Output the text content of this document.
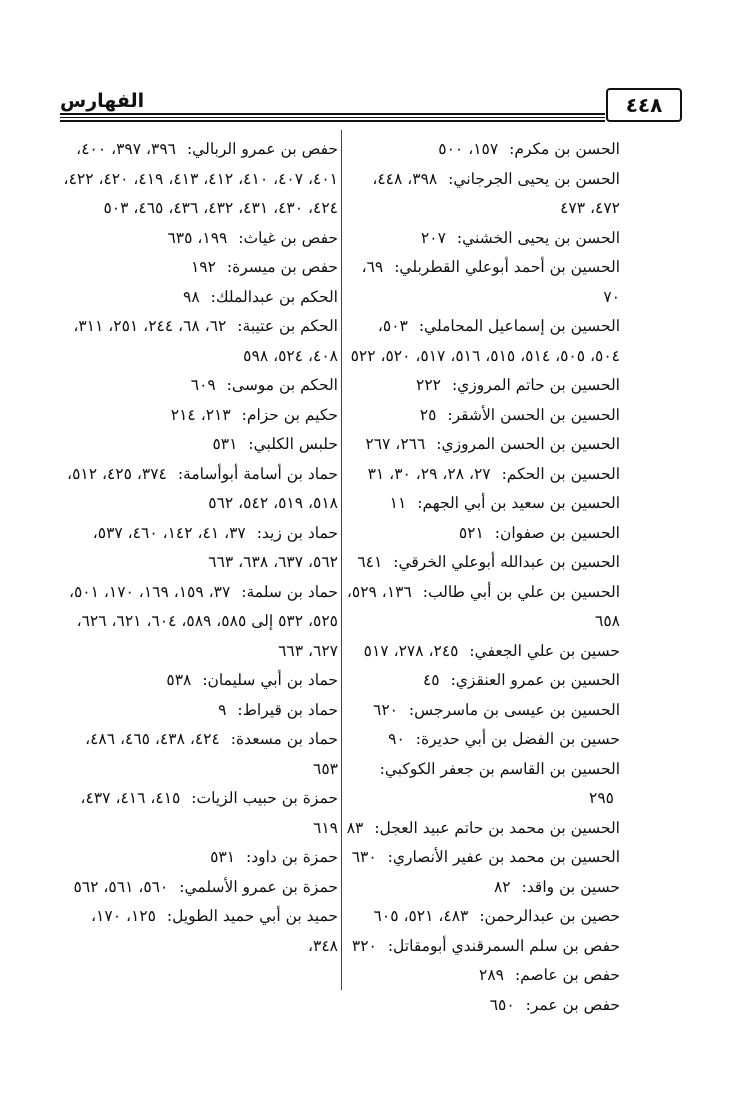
الفهارس	٤٤٨
الحسن بن مكرم: ١٥٧، ٥٠٠
الحسن بن يحيى الجرجاني: ٣٩٨، ٤٤٨، ٤٧٢، ٤٧٣
الحسن بن يحيى الخشني: ٢٠٧
الحسين بن أحمد أبوعلي القطربلي: ٦٩، ٧٠
الحسين بن إسماعيل المحاملي: ٥٠٣، ٥٠٤، ٥٠٥، ٥١٤، ٥١٥، ٥١٦، ٥١٧، ٥٢٠، ٥٢٢
الحسين بن حاتم المروزي: ٢٢٢
الحسين بن الحسن الأشقر: ٢٥
الحسين بن الحسن المروزي: ٢٦٦، ٢٦٧
الحسين بن الحكم: ٢٧، ٢٨، ٢٩، ٣٠، ٣١
الحسين بن سعيد بن أبي الجهم: ١١
الحسين بن صفوان: ٥٢١
الحسين بن عبدالله أبوعلي الخرقي: ٦٤١
الحسين بن علي بن أبي طالب: ١٣٦، ٥٢٩، ٦٥٨
حسين بن علي الجعفي: ٢٤٥، ٢٧٨، ٥١٧
الحسين بن عمرو العنقزي: ٤٥
الحسين بن عيسى بن ماسرجس: ٦٢٠
حسين بن الفضل بن أبي حديرة: ٩٠
الحسين بن القاسم بن جعفر الكوكبي: ٢٩٥
الحسين بن محمد بن حاتم عبيد العجل: ٨٣
الحسين بن محمد بن عفير الأنصاري: ٦٣٠
حسين بن واقد: ٨٢
حصين بن عبدالرحمن: ٤٨٣، ٥٢١، ٦٠٥
حفص بن سلم السمرقندي أبومقاتل: ٣٢٠
حفص بن عاصم: ٢٨٩
حفص بن عمر: ٦٥٠
حفص بن عمرو الربالي: ٣٩٦، ٣٩٧، ٤٠٠، ٤٠١، ٤٠٧، ٤١٠، ٤١٢، ٤١٣، ٤١٩، ٤٢٠، ٤٢٢، ٤٢٤، ٤٣٠، ٤٣١، ٤٣٢، ٤٣٦، ٤٦٥، ٥٠٣
حفص بن غياث: ١٩٩، ٦٣٥
حفص بن ميسرة: ١٩٢
الحكم بن عبدالملك: ٩٨
الحكم بن عتيبة: ٦٢، ٦٨، ٢٤٤، ٢٥١، ٣١١، ٤٠٨، ٥٢٤، ٥٩٨
الحكم بن موسى: ٦٠٩
حكيم بن حزام: ٢١٣، ٢١٤
حلبس الكلبي: ٥٣١
حماد بن أسامة أبوأسامة: ٣٧٤، ٤٢٥، ٥١٢، ٥١٨، ٥١٩، ٥٤٢، ٥٦٢
حماد بن زيد: ٣٧، ٤١، ١٤٢، ٤٦٠، ٥٣٧، ٥٦٢، ٦٣٧، ٦٣٨، ٦٦٣
حماد بن سلمة: ٣٧، ١٥٩، ١٦٩، ١٧٠، ٥٠١، ٥٢٥، ٥٣٢ إلى ٥٨٥، ٥٨٩، ٦٠٤، ٦٢١، ٦٢٦، ٦٢٧، ٦٦٣
حماد بن أبي سليمان: ٥٣٨
حماد بن قيراط: ٩
حماد بن مسعدة: ٤٢٤، ٤٣٨، ٤٦٥، ٤٨٦، ٦٥٣
حمزة بن حبيب الزيات: ٤١٥، ٤١٦، ٤٣٧، ٦١٩
حمزة بن داود: ٥٣١
حمزة بن عمرو الأسلمي: ٥٦٠، ٥٦١، ٥٦٢
حميد بن أبي حميد الطويل: ١٢٥، ١٧٠، ٣٤٨،
